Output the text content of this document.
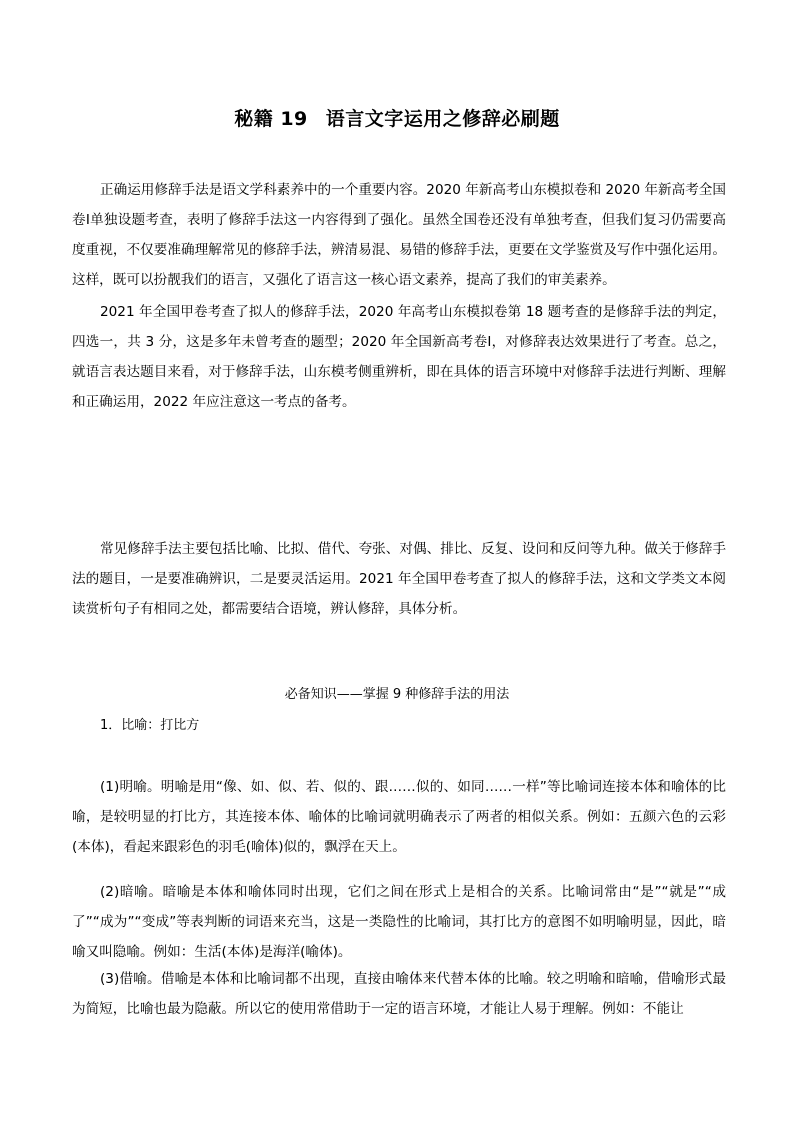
秘籍 19 语言文字运用之修辞必刷题

正确运用修辞手法是语文学科素养中的一个重要内容。2020 年新高考山东模拟卷和 2020 年新高考全国卷Ⅰ单独设题考查，表明了修辞手法这一内容得到了强化。虽然全国卷还没有单独考查，但我们复习仍需要高度重视，不仅要准确理解常见的修辞手法，辨清易混、易错的修辞手法，更要在文学鉴赏及写作中强化运用。这样，既可以扮靓我们的语言，又强化了语言这一核心语文素养，提高了我们的审美素养。

2021 年全国甲卷考查了拟人的修辞手法，2020 年高考山东模拟卷第 18 题考查的是修辞手法的判定，四选一，共 3 分，这是多年未曾考查的题型；2020 年全国新高考卷Ⅰ，对修辞表达效果进行了考查。总之，就语言表达题目来看，对于修辞手法，山东模考侧重辨析，即在具体的语言环境中对修辞手法进行判断、理解和正确运用，2022 年应注意这一考点的备考。

常见修辞手法主要包括比喻、比拟、借代、夸张、对偶、排比、反复、设问和反问等九种。做关于修辞手法的题目，一是要准确辨识，二是要灵活运用。2021 年全国甲卷考查了拟人的修辞手法，这和文学类文本阅读赏析句子有相同之处，都需要结合语境，辨认修辞，具体分析。

必备知识——掌握 9 种修辞手法的用法

1．比喻：打比方

(1)明喻。明喻是用“像、如、似、若、似的、跟……似的、如同……一样”等比喻词连接本体和喻体的比喻，是较明显的打比方，其连接本体、喻体的比喻词就明确表示了两者的相似关系。例如：五颜六色的云彩(本体)，看起来跟彩色的羽毛(喻体)似的，飘浮在天上。

(2)暗喻。暗喻是本体和喻体同时出现，它们之间在形式上是相合的关系。比喻词常由“是”“就是”“成了”“成为”“变成”等表判断的词语来充当，这是一类隐性的比喻词，其打比方的意图不如明喻明显，因此，暗喻又叫隐喻。例如：生活(本体)是海洋(喻体)。

(3)借喻。借喻是本体和比喻词都不出现，直接由喻体来代替本体的比喻。较之明喻和暗喻，借喻形式最为简短，比喻也最为隐蔽。所以它的使用常借助于一定的语言环境，才能让人易于理解。例如：不能让
